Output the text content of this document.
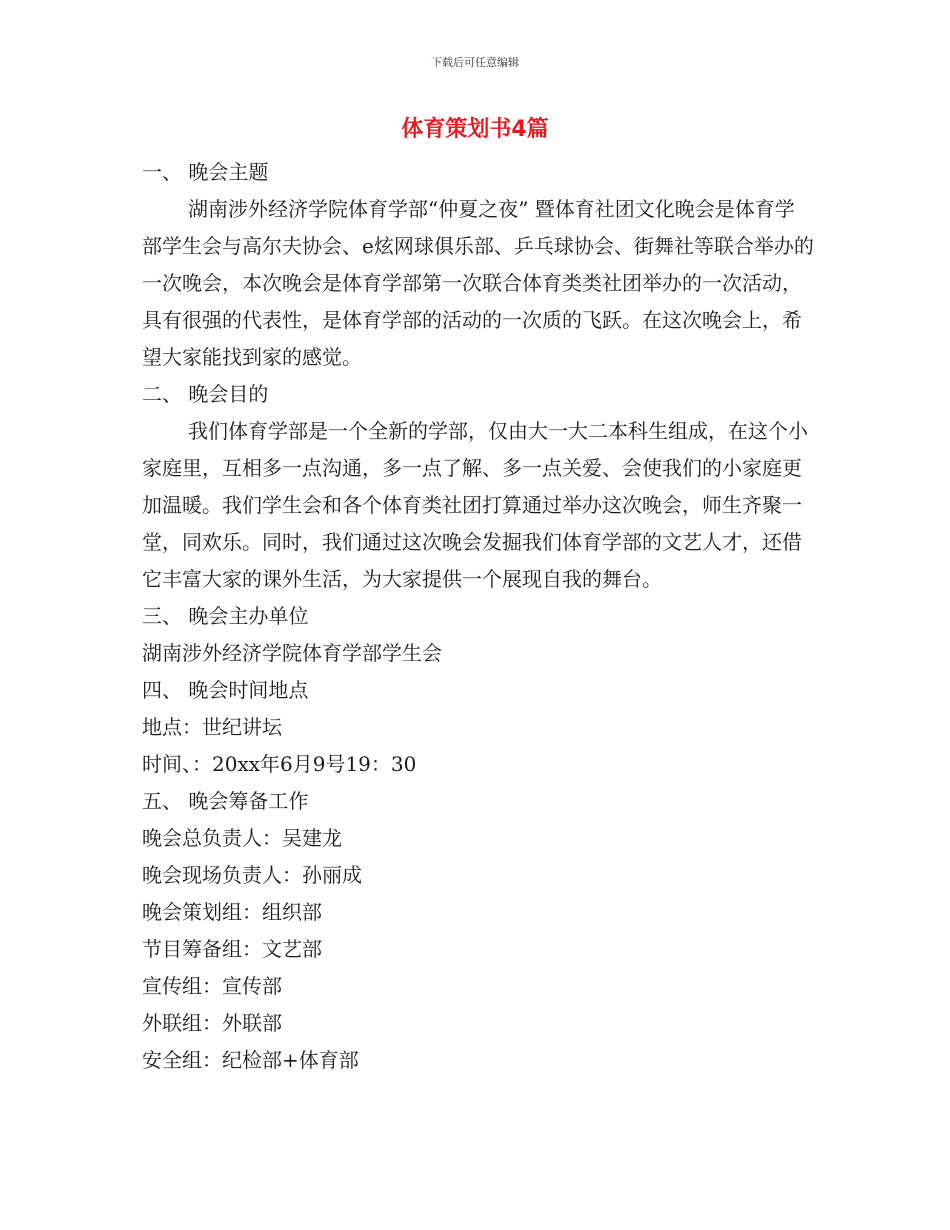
下载后可任意编辑
体育策划书4篇

一、 晚会主题

湖南涉外经济学院体育学部“仲夏之夜” 暨体育社团文化晚会是体育学部学生会与高尔夫协会、e炫网球俱乐部、乒乓球协会、街舞社等联合举办的一次晚会，本次晚会是体育学部第一次联合体育类类社团举办的一次活动，具有很强的代表性，是体育学部的活动的一次质的飞跃。在这次晚会上，希望大家能找到家的感觉。

二、 晚会目的

我们体育学部是一个全新的学部，仅由大一大二本科生组成，在这个小家庭里，互相多一点沟通，多一点了解、多一点关爱、会使我们的小家庭更加温暖。我们学生会和各个体育类社团打算通过举办这次晚会，师生齐聚一堂，同欢乐。同时，我们通过这次晚会发掘我们体育学部的文艺人才，还借它丰富大家的课外生活，为大家提供一个展现自我的舞台。

三、 晚会主办单位

湖南涉外经济学院体育学部学生会

四、 晚会时间地点

地点：世纪讲坛

时间、：20xx年6月9号19：30

五、 晚会筹备工作

晚会总负责人：吴建龙

晚会现场负责人：孙丽成

晚会策划组：组织部

节目筹备组：文艺部

宣传组：宣传部

外联组：外联部

安全组：纪检部+体育部
